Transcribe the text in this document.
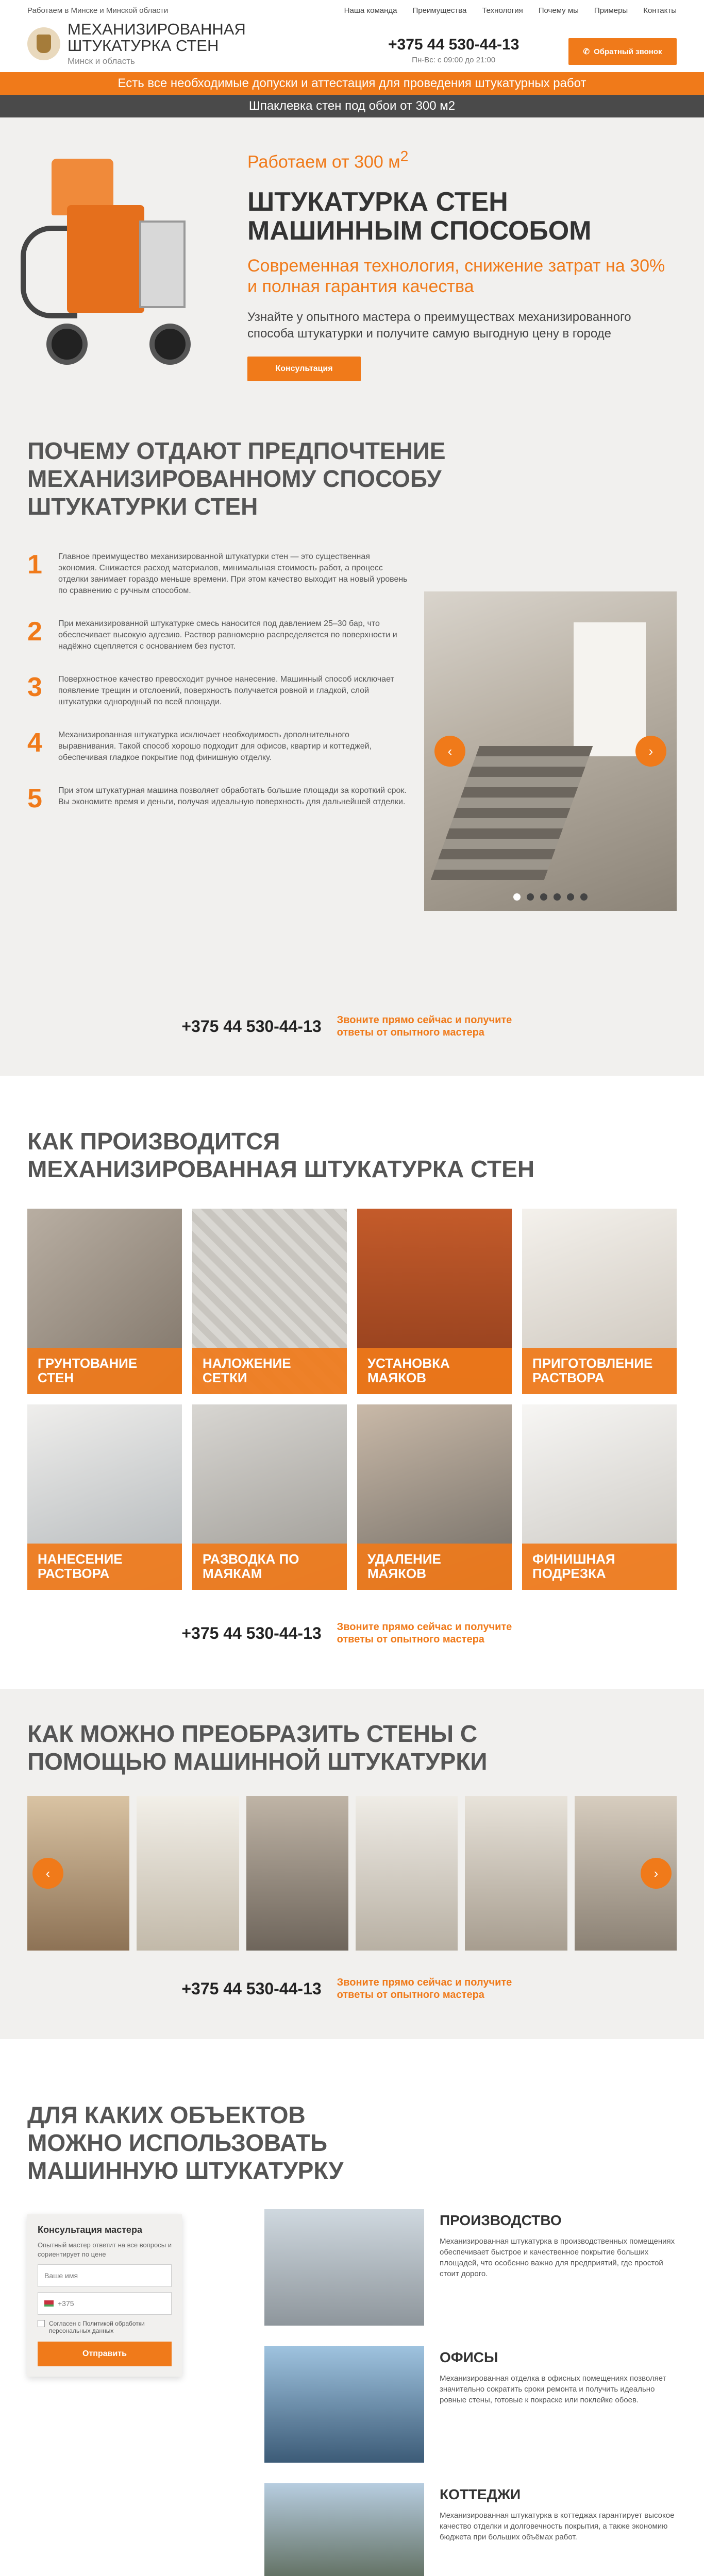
Работаем в Минске и Минской области
МЕХАНИЗИРОВАННАЯ
ШТУКАТУРКА СТЕН
Минск и область
Наша команда Преимущества Технология Почему мы Примеры Контакты
+375 44 530-44-13
Пн-Вс: с 09:00 до 21:00
✆ Обратный звонок
Есть все необходимые допуски и аттестация для проведения штукатурных работ
Шпаклевка стен под обои от 300 м2
Работаем от 300 $м^2$
ШТУКАТУРКА СТЕН МАШИННЫМ СПОСОБОМ
Современная технология, снижение затрат на 30% и полная гарантия качества
Узнайте у опытного мастера о преимуществах механизированного способа штукатурки и получите самую выгодную цену в городе
Консультация
ПОЧЕМУ ОТДАЮТ ПРЕДПОЧТЕНИЕ МЕХАНИЗИРОВАННОМУ СПОСОБУ ШТУКАТУРКИ СТЕН
1	Главное преимущество механизированной штукатурки стен — это существенная экономия. Снижается расход материалов, минимальная стоимость работ, а процесс отделки занимает гораздо меньше времени. При этом качество выходит на новый уровень по сравнению с ручным способом.
2	При механизированной штукатурке смесь наносится под давлением 25–30 бар, что обеспечивает высокую адгезию. Раствор равномерно распределяется по поверхности и надёжно сцепляется с основанием без пустот.
3	Поверхностное качество превосходит ручное нанесение. Машинный способ исключает появление трещин и отслоений, поверхность получается ровной и гладкой, слой штукатурки однородный по всей площади.
4	Механизированная штукатурка исключает необходимость дополнительного выравнивания. Такой способ хорошо подходит для офисов, квартир и коттеджей, обеспечивая гладкое покрытие под финишную отделку.
5	При этом штукатурная машина позволяет обработать большие площади за короткий срок. Вы экономите время и деньги, получая идеальную поверхность для дальнейшей отделки.
‹	›
+375 44 530-44-13 Звоните прямо сейчас и получите ответы от опытного мастера
КАК ПРОИЗВОДИТСЯ МЕХАНИЗИРОВАННАЯ ШТУКАТУРКА СТЕН
ГРУНТОВАНИЕ СТЕН
НАЛОЖЕНИЕ СЕТКИ
УСТАНОВКА МАЯКОВ
ПРИГОТОВЛЕНИЕ РАСТВОРА
НАНЕСЕНИЕ РАСТВОРА
РАЗВОДКА ПО МАЯКАМ
УДАЛЕНИЕ МАЯКОВ
ФИНИШНАЯ ПОДРЕЗКА
+375 44 530-44-13 Звоните прямо сейчас и получите ответы от опытного мастера
КАК МОЖНО ПРЕОБРАЗИТЬ СТЕНЫ С ПОМОЩЬЮ МАШИННОЙ ШТУКАТУРКИ
‹	›
+375 44 530-44-13 Звоните прямо сейчас и получите ответы от опытного мастера
ДЛЯ КАКИХ ОБЪЕКТОВ МОЖНО ИСПОЛЬЗОВАТЬ МАШИННУЮ ШТУКАТУРКУ
Консультация мастера

Опытный мастер ответит на все вопросы и сориентирует по цене

Ваше имя
+375
Согласен с Политикой обработки персональных данных
Отправить
ПРОИЗВОДСТВО
Механизированная штукатурка в производственных помещениях обеспечивает быстрое и качественное покрытие больших площадей, что особенно важно для предприятий, где простой стоит дорого.
ОФИСЫ
Механизированная отделка в офисных помещениях позволяет значительно сократить сроки ремонта и получить идеально ровные стены, готовые к покраске или поклейке обоев.
КОТТЕДЖИ
Механизированная штукатурка в коттеджах гарантирует высокое качество отделки и долговечность покрытия, а также экономию бюджета при больших объёмах работ.
